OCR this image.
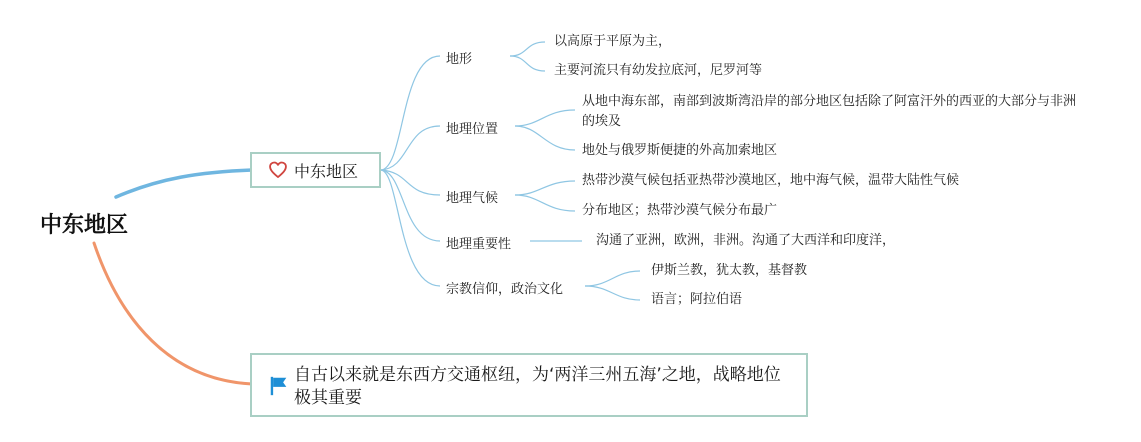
中东地区
中东地区
地形
地理位置
地理气候
地理重要性
宗教信仰，政治文化
以高原于平原为主，
主要河流只有幼发拉底河，尼罗河等
从地中海东部，南部到波斯湾沿岸的部分地区包括除了阿富汗外的西亚的大部分与非洲的埃及
地处与俄罗斯便捷的外高加索地区
热带沙漠气候包括亚热带沙漠地区，地中海气候，温带大陆性气候
分布地区；热带沙漠气候分布最广
沟通了亚洲，欧洲，非洲。沟通了大西洋和印度洋，
伊斯兰教，犹太教，基督教
语言；阿拉伯语
自古以来就是东西方交通枢纽，为‘两洋三州五海’之地，战略地位极其重要
